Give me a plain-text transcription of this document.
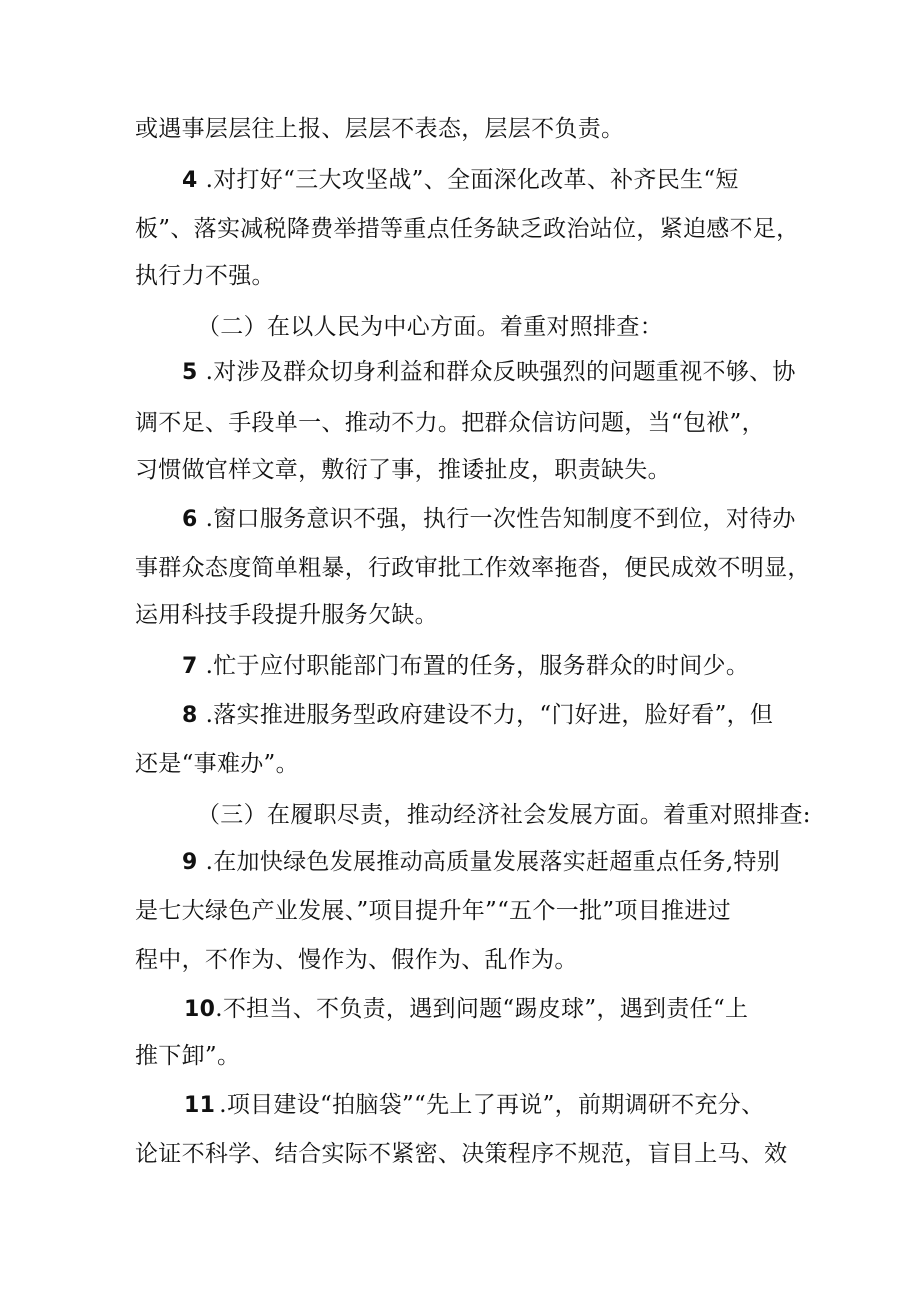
或遇事层层往上报、层层不表态，层层不负责。
4 .对打好“三大攻坚战”、全面深化改革、补齐民生“短
板”、落实减税降费举措等重点任务缺乏政治站位，紧迫感不足，
执行力不强。
（二）在以人民为中心方面。着重对照排查：
5 .对涉及群众切身利益和群众反映强烈的问题重视不够、协
调不足、手段单一、推动不力。把群众信访问题，当“包袱”，
习惯做官样文章，敷衍了事，推诿扯皮，职责缺失。
6 .窗口服务意识不强，执行一次性告知制度不到位，对待办
事群众态度简单粗暴，行政审批工作效率拖沓，便民成效不明显，
运用科技手段提升服务欠缺。
7 .忙于应付职能部门布置的任务，服务群众的时间少。
8 .落实推进服务型政府建设不力，“门好进，脸好看”，但
还是“事难办”。
（三）在履职尽责，推动经济社会发展方面。着重对照排查:
9 .在加快绿色发展推动高质量发展落实赶超重点任务,特别
是七大绿色产业发展、”项目提升年”“五个一批”项目推进过
程中，不作为、慢作为、假作为、乱作为。
10.不担当、不负责，遇到问题“踢皮球”，遇到责任“上
推下卸”。
11 .项目建设“拍脑袋”“先上了再说”，前期调研不充分、
论证不科学、结合实际不紧密、决策程序不规范，盲目上马、效
